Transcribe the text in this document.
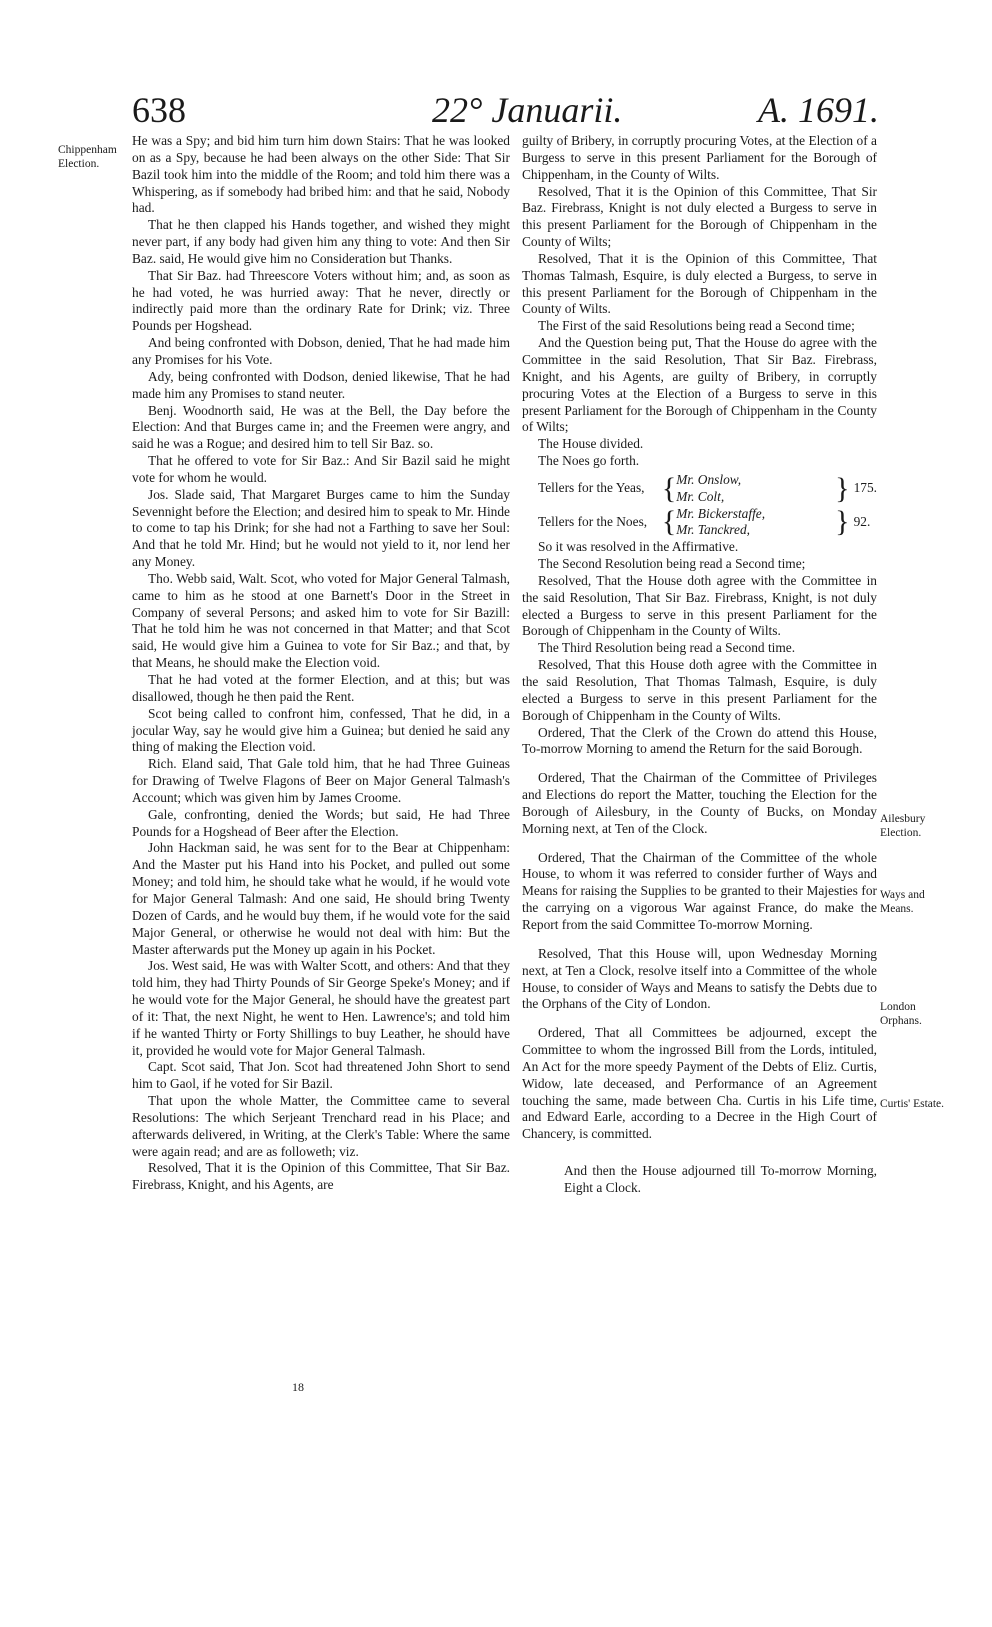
638	22° Januarii.	A. 1691.
Chippenham Election.
Ailesbury Election.
Ways and Means.
London Orphans.
Curtis' Estate.

He was a Spy; and bid him turn him down Stairs: That he was looked on as a Spy, because he had been always on the other Side: That Sir Bazil took him into the middle of the Room; and told him there was a Whispering, as if somebody had bribed him: and that he said, Nobody had.

That he then clapped his Hands together, and wished they might never part, if any body had given him any thing to vote: And then Sir Baz. said, He would give him no Consideration but Thanks.

That Sir Baz. had Threescore Voters without him; and, as soon as he had voted, he was hurried away: That he never, directly or indirectly paid more than the ordinary Rate for Drink; viz. Three Pounds per Hogshead.

And being confronted with Dobson, denied, That he had made him any Promises for his Vote.

Ady, being confronted with Dodson, denied likewise, That he had made him any Promises to stand neuter.

Benj. Woodnorth said, He was at the Bell, the Day before the Election: And that Burges came in; and the Freemen were angry, and said he was a Rogue; and desired him to tell Sir Baz. so.

That he offered to vote for Sir Baz.: And Sir Bazil said he might vote for whom he would.

Jos. Slade said, That Margaret Burges came to him the Sunday Sevennight before the Election; and desired him to speak to Mr. Hinde to come to tap his Drink; for she had not a Farthing to save her Soul: And that he told Mr. Hind; but he would not yield to it, nor lend her any Money.

Tho. Webb said, Walt. Scot, who voted for Major General Talmash, came to him as he stood at one Barnett's Door in the Street in Company of several Persons; and asked him to vote for Sir Bazill: That he told him he was not concerned in that Matter; and that Scot said, He would give him a Guinea to vote for Sir Baz.; and that, by that Means, he should make the Election void.

That he had voted at the former Election, and at this; but was disallowed, though he then paid the Rent.

Scot being called to confront him, confessed, That he did, in a jocular Way, say he would give him a Guinea; but denied he said any thing of making the Election void.

Rich. Eland said, That Gale told him, that he had Three Guineas for Drawing of Twelve Flagons of Beer on Major General Talmash's Account; which was given him by James Croome.

Gale, confronting, denied the Words; but said, He had Three Pounds for a Hogshead of Beer after the Election.

John Hackman said, he was sent for to the Bear at Chippenham: And the Master put his Hand into his Pocket, and pulled out some Money; and told him, he should take what he would, if he would vote for Major General Talmash: And one said, He should bring Twenty Dozen of Cards, and he would buy them, if he would vote for the said Major General, or otherwise he would not deal with him: But the Master afterwards put the Money up again in his Pocket.

Jos. West said, He was with Walter Scott, and others: And that they told him, they had Thirty Pounds of Sir George Speke's Money; and if he would vote for the Major General, he should have the greatest part of it: That, the next Night, he went to Hen. Lawrence's; and told him if he wanted Thirty or Forty Shillings to buy Leather, he should have it, provided he would vote for Major General Talmash.

Capt. Scot said, That Jon. Scot had threatened John Short to send him to Gaol, if he voted for Sir Bazil.

That upon the whole Matter, the Committee came to several Resolutions: The which Serjeant Trenchard read in his Place; and afterwards delivered, in Writing, at the Clerk's Table: Where the same were again read; and are as followeth; viz.

Resolved, That it is the Opinion of this Committee, That Sir Baz. Firebrass, Knight, and his Agents, are

guilty of Bribery, in corruptly procuring Votes, at the Election of a Burgess to serve in this present Parliament for the Borough of Chippenham, in the County of Wilts.

Resolved, That it is the Opinion of this Committee, That Sir Baz. Firebrass, Knight is not duly elected a Burgess to serve in this present Parliament for the Borough of Chippenham in the County of Wilts;

Resolved, That it is the Opinion of this Committee, That Thomas Talmash, Esquire, is duly elected a Burgess, to serve in this present Parliament for the Borough of Chippenham in the County of Wilts.

The First of the said Resolutions being read a Second time;

And the Question being put, That the House do agree with the Committee in the said Resolution, That Sir Baz. Firebrass, Knight, and his Agents, are guilty of Bribery, in corruptly procuring Votes at the Election of a Burgess to serve in this present Parliament for the Borough of Chippenham in the County of Wilts;

The House divided.

The Noes go forth.

Tellers for the Yeas,	{	Mr. Onslow,
Mr. Colt,	}	175.
Tellers for the Noes,	{	Mr. Bickerstaffe,
Mr. Tanckred,	}	92.

So it was resolved in the Affirmative.

The Second Resolution being read a Second time;

Resolved, That the House doth agree with the Committee in the said Resolution, That Sir Baz. Firebrass, Knight, is not duly elected a Burgess to serve in this present Parliament for the Borough of Chippenham in the County of Wilts.

The Third Resolution being read a Second time.

Resolved, That this House doth agree with the Committee in the said Resolution, That Thomas Talmash, Esquire, is duly elected a Burgess to serve in this present Parliament for the Borough of Chippenham in the County of Wilts.

Ordered, That the Clerk of the Crown do attend this House, To-morrow Morning to amend the Return for the said Borough.

Ordered, That the Chairman of the Committee of Privileges and Elections do report the Matter, touching the Election for the Borough of Ailesbury, in the County of Bucks, on Monday Morning next, at Ten of the Clock.

Ordered, That the Chairman of the Committee of the whole House, to whom it was referred to consider further of Ways and Means for raising the Supplies to be granted to their Majesties for the carrying on a vigorous War against France, do make the Report from the said Committee To-morrow Morning.

Resolved, That this House will, upon Wednesday Morning next, at Ten a Clock, resolve itself into a Committee of the whole House, to consider of Ways and Means to satisfy the Debts due to the Orphans of the City of London.

Ordered, That all Committees be adjourned, except the Committee to whom the ingrossed Bill from the Lords, intituled, An Act for the more speedy Payment of the Debts of Eliz. Curtis, Widow, late deceased, and Performance of an Agreement touching the same, made between Cha. Curtis in his Life time, and Edward Earle, according to a Decree in the High Court of Chancery, is committed.

And then the House adjourned till To-morrow Morning, Eight a Clock.

18
